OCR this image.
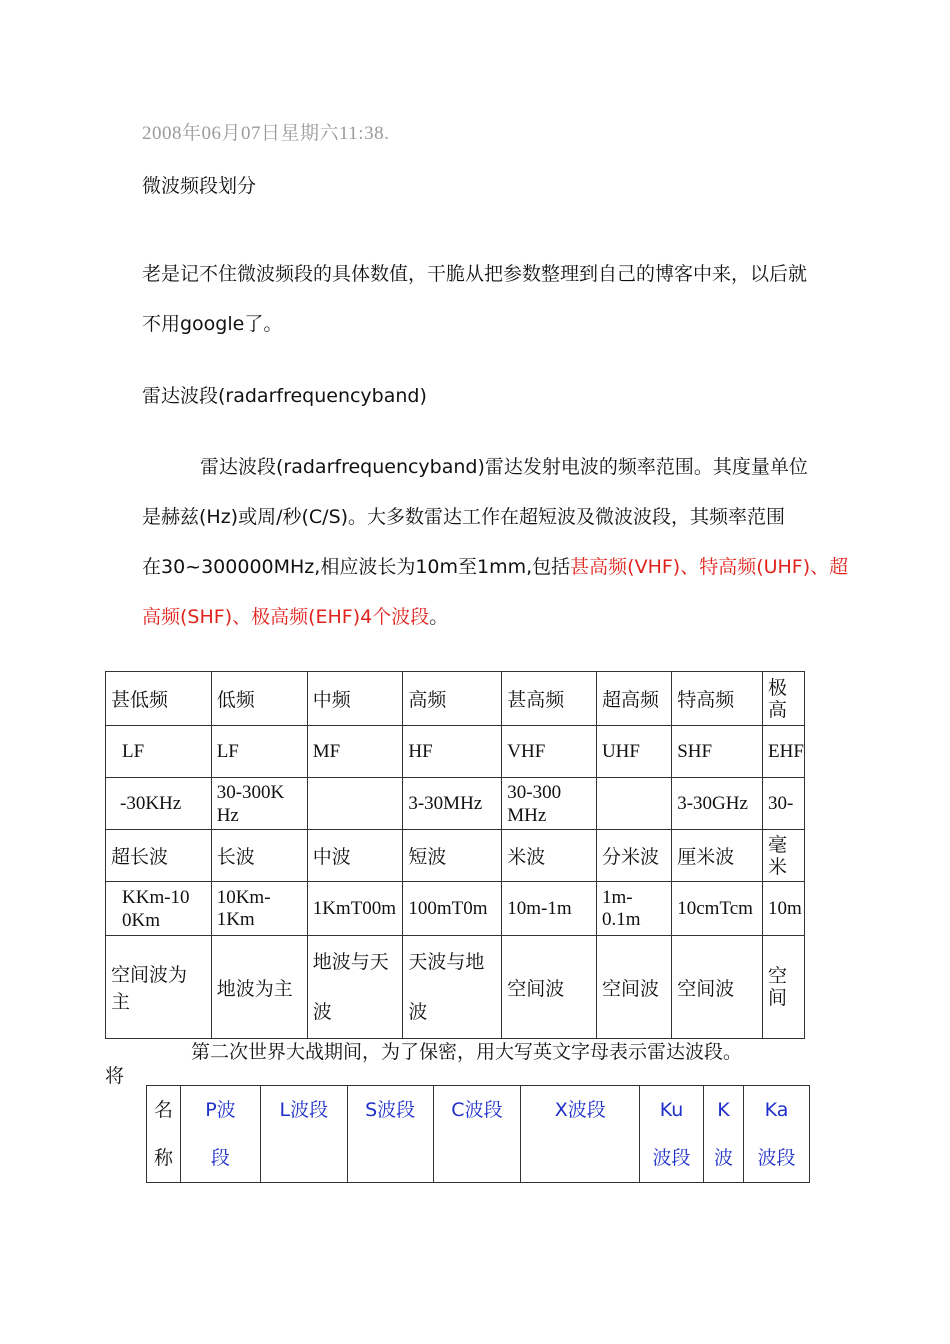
2008年06月07日星期六11:38.

微波频段划分

老是记不住微波频段的具体数值，干脆从把参数整理到自己的博客中来，以后就

不用google了。

雷达波段(radarfrequencyband)

雷达波段(radarfrequencyband)雷达发射电波的频率范围。其度量单位

是赫兹(Hz)或周/秒(C/S)。大多数雷达工作在超短波及微波波段，其频率范围

在30~300000MHz,相应波长为10m至1mm,包括甚高频(VHF)、特高频(UHF)、超

高频(SHF)、极高频(EHF)4个波段。

甚低频	低频	中频	高频	甚高频	超高频	特高频	极高
LF	LF	MF	HF	VHF	UHF	SHF	EHF
-30KHz	30-300KHz		3-30MHz	30-300MHz		3-30GHz	30-
超长波	长波	中波	短波	米波	分米波	厘米波	毫米
KKm-100Km	10Km-1Km	1KmT00m	100mT0m	10m-1m	1m-0.1m	10cmTcm	10m
空间波为主	地波为主	地波与天波	天波与地波	空间波	空间波	空间波	空间

第二次世界大战期间，为了保密，用大写英文字母表示雷达波段。将

名称	P波段	L波段	S波段	C波段	X波段	Ku波段	K波	Ka波段
